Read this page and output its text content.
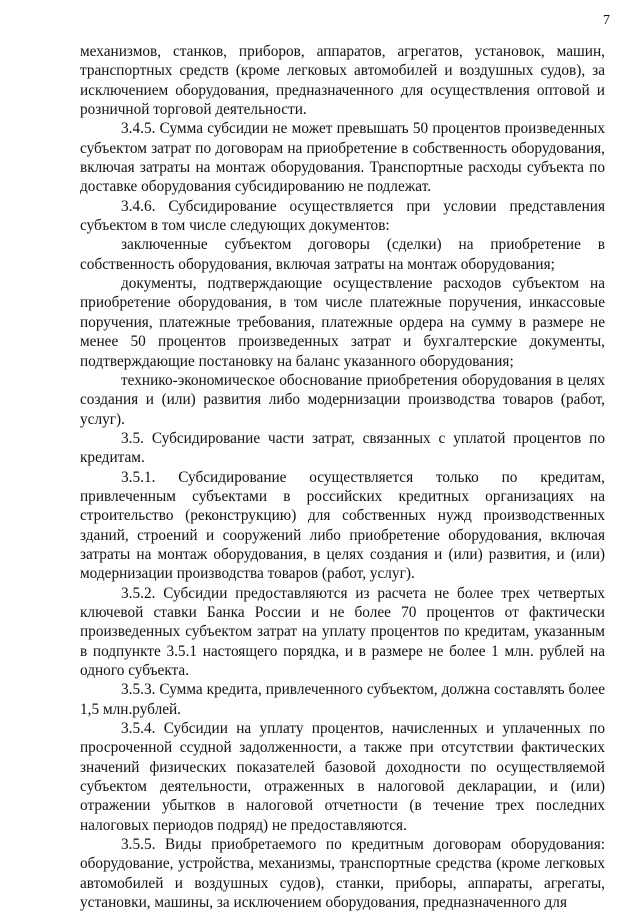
7

механизмов, станков, приборов, аппаратов, агрегатов, установок, машин, транспортных средств (кроме легковых автомобилей и воздушных судов), за исключением оборудования, предназначенного для осуществления оптовой и розничной торговой деятельности.

3.4.5. Сумма субсидии не может превышать 50 процентов произведенных субъектом затрат по договорам на приобретение в собственность оборудования, включая затраты на монтаж оборудования. Транспортные расходы субъекта по доставке оборудования субсидированию не подлежат.

3.4.6. Субсидирование осуществляется при условии представления субъектом в том числе следующих документов:

заключенные субъектом договоры (сделки) на приобретение в собственность оборудования, включая затраты на монтаж оборудования;

документы, подтверждающие осуществление расходов субъектом на приобретение оборудования, в том числе платежные поручения, инкассовые поручения, платежные требования, платежные ордера на сумму в размере не менее 50 процентов произведенных затрат и бухгалтерские документы, подтверждающие постановку на баланс указанного оборудования;

технико-экономическое обоснование приобретения оборудования в целях создания и (или) развития либо модернизации производства товаров (работ, услуг).

3.5. Субсидирование части затрат, связанных с уплатой процентов по кредитам.

3.5.1. Субсидирование осуществляется только по кредитам, привлеченным субъектами в российских кредитных организациях на строительство (реконструкцию) для собственных нужд производственных зданий, строений и сооружений либо приобретение оборудования, включая затраты на монтаж оборудования, в целях создания и (или) развития, и (или) модернизации производства товаров (работ, услуг).

3.5.2. Субсидии предоставляются из расчета не более трех четвертых ключевой ставки Банка России и не более 70 процентов от фактически произведенных субъектом затрат на уплату процентов по кредитам, указанным в подпункте 3.5.1 настоящего порядка, и в размере не более 1 млн. рублей на одного субъекта.

3.5.3. Сумма кредита, привлеченного субъектом, должна составлять более 1,5 млн.рублей.

3.5.4. Субсидии на уплату процентов, начисленных и уплаченных по просроченной ссудной задолженности, а также при отсутствии фактических значений физических показателей базовой доходности по осуществляемой субъектом деятельности, отраженных в налоговой декларации, и (или) отражении убытков в налоговой отчетности (в течение трех последних налоговых периодов подряд) не предоставляются.

3.5.5. Виды приобретаемого по кредитным договорам оборудования: оборудование, устройства, механизмы, транспортные средства (кроме легковых автомобилей и воздушных судов), станки, приборы, аппараты, агрегаты, установки, машины, за исключением оборудования, предназначенного для
